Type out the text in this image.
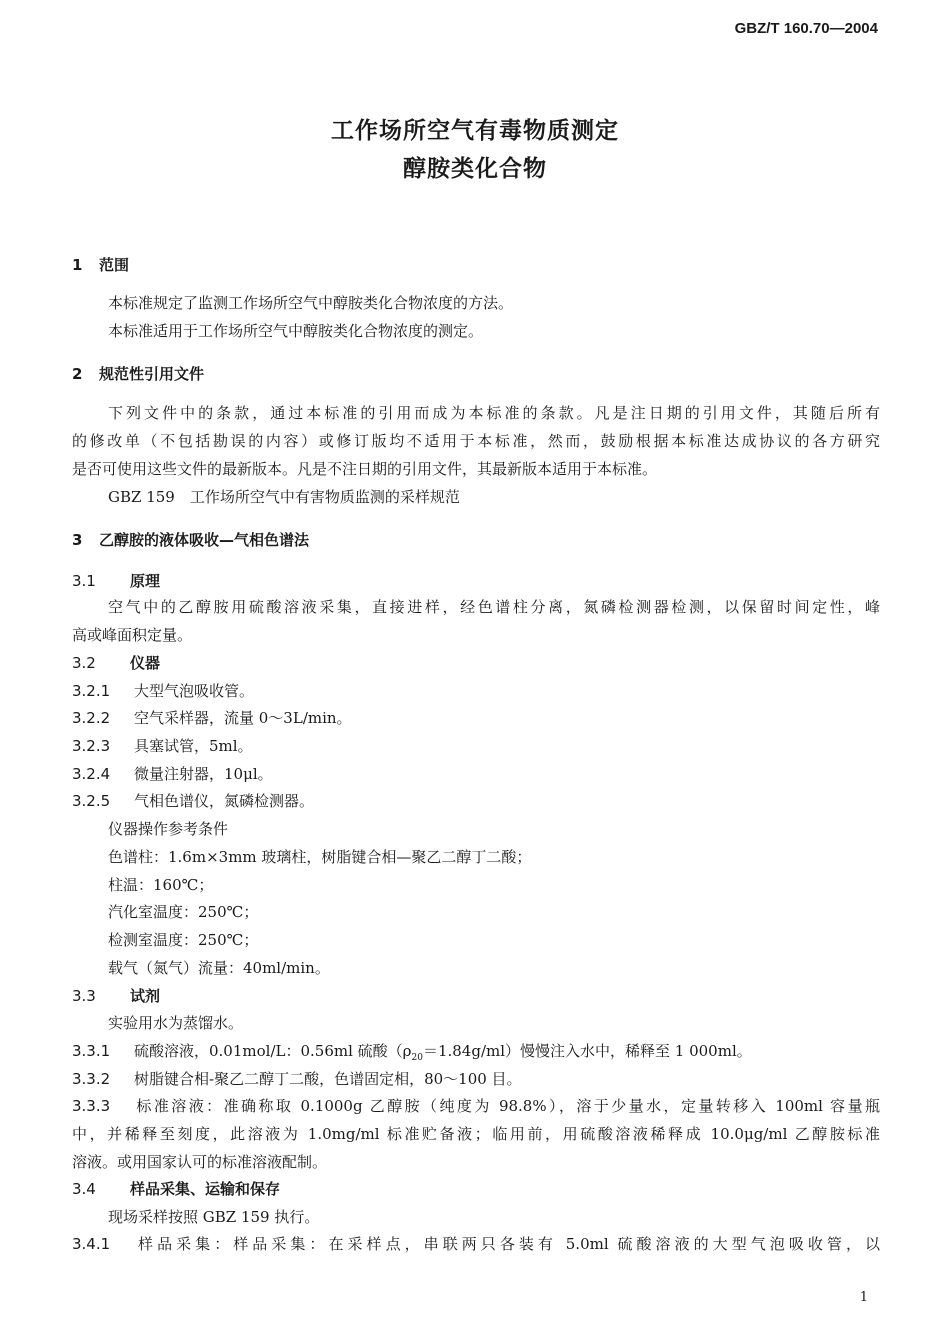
GBZ/T 160.70—2004
工作场所空气有毒物质测定
醇胺类化合物
1 范围
本标准规定了监测工作场所空气中醇胺类化合物浓度的方法。
本标准适用于工作场所空气中醇胺类化合物浓度的测定。
2 规范性引用文件
下列文件中的条款，通过本标准的引用而成为本标准的条款。凡是注日期的引用文件，其随后所有
的修改单（不包括勘误的内容）或修订版均不适用于本标准，然而，鼓励根据本标准达成协议的各方研究
是否可使用这些文件的最新版本。凡是不注日期的引用文件，其最新版本适用于本标准。
GBZ 159　工作场所空气中有害物质监测的采样规范
3 乙醇胺的液体吸收—气相色谱法
3.1 原理
空气中的乙醇胺用硫酸溶液采集，直接进样，经色谱柱分离，氮磷检测器检测，以保留时间定性，峰
高或峰面积定量。
3.2 仪器
3.2.1 大型气泡吸收管。
3.2.2 空气采样器，流量 0～3L/min。
3.2.3 具塞试管，5ml。
3.2.4 微量注射器，10μl。
3.2.5 气相色谱仪，氮磷检测器。
仪器操作参考条件
色谱柱：1.6m×3mm 玻璃柱，树脂键合相—聚乙二醇丁二酸；
柱温：160℃；
汽化室温度：250℃；
检测室温度：250℃；
载气（氮气）流量：40ml/min。
3.3 试剂
实验用水为蒸馏水。
3.3.1 硫酸溶液，0.01mol/L：0.56ml 硫酸$(\rho_{20}=1.84g/ml)$慢慢注入水中，稀释至 1 000ml。
3.3.2 树脂键合相-聚乙二醇丁二酸，色谱固定相，80～100 目。
3.3.3 标准溶液：准确称取 0.1000g 乙醇胺（纯度为 98.8%），溶于少量水，定量转移入 100ml 容量瓶
中，并稀释至刻度，此溶液为 1.0mg/ml 标准贮备液；临用前，用硫酸溶液稀释成 10.0μg/ml 乙醇胺标准
溶液。或用国家认可的标准溶液配制。
3.4 样品采集、运输和保存
现场采样按照 GBZ 159 执行。
3.4.1 样品采集：样品采集：在采样点，串联两只各装有 5.0ml 硫酸溶液的大型气泡吸收管，以
1
